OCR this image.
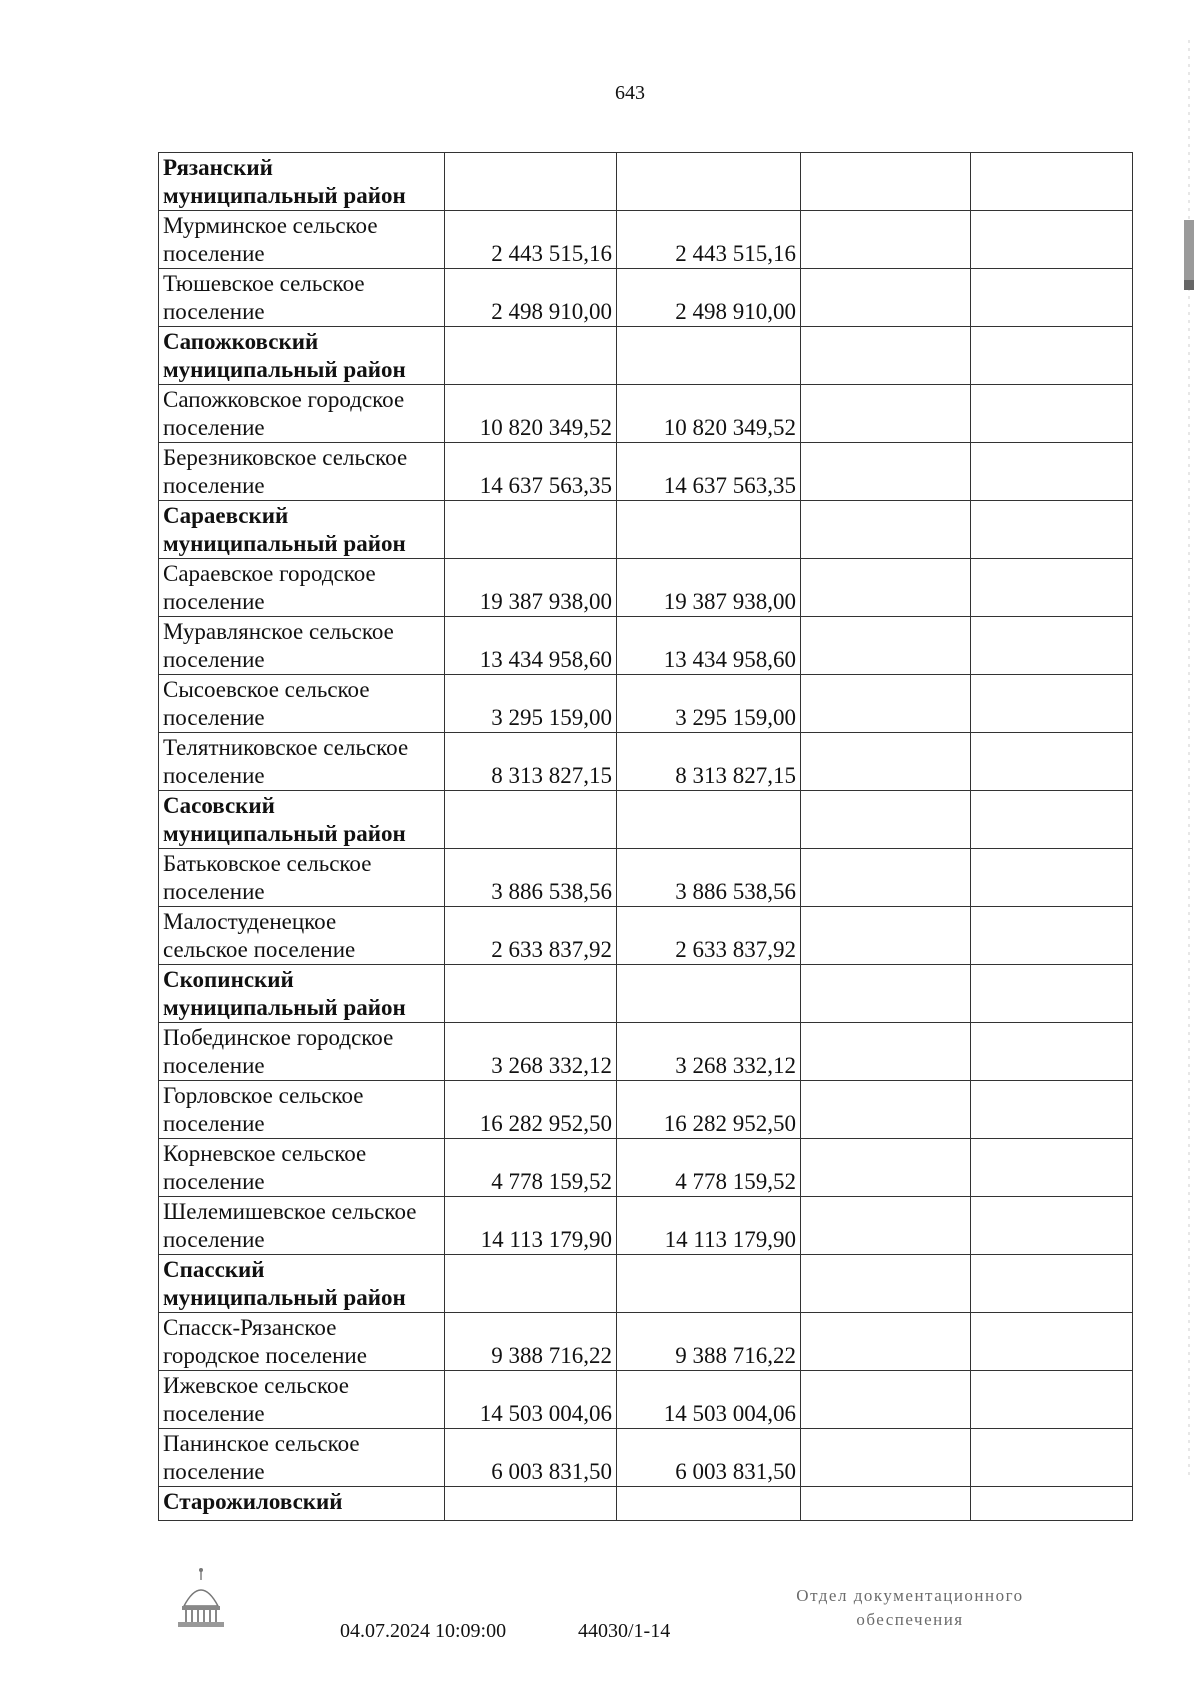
643
Рязанский
муниципальный район				

Мурминское сельское
поселение	2 443 515,16	2 443 515,16		

Тюшевское сельское
поселение	2 498 910,00	2 498 910,00		

Сапожковский
муниципальный район				

Сапожковское городское
поселение	10 820 349,52	10 820 349,52		

Березниковское сельское
поселение	14 637 563,35	14 637 563,35		

Сараевский
муниципальный район				

Сараевское городское
поселение	19 387 938,00	19 387 938,00		

Муравлянское сельское
поселение	13 434 958,60	13 434 958,60		

Сысоевское сельское
поселение	3 295 159,00	3 295 159,00		

Телятниковское сельское
поселение	8 313 827,15	8 313 827,15		

Сасовский
муниципальный район				

Батьковское сельское
поселение	3 886 538,56	3 886 538,56		

Малостуденецкое
сельское поселение	2 633 837,92	2 633 837,92		

Скопинский
муниципальный район				

Побединское городское
поселение	3 268 332,12	3 268 332,12		

Горловское сельское
поселение	16 282 952,50	16 282 952,50		

Корневское сельское
поселение	4 778 159,52	4 778 159,52		

Шелемишевское сельское
поселение	14 113 179,90	14 113 179,90		

Спасский
муниципальный район				

Спасск-Рязанское
городское поселение	9 388 716,22	9 388 716,22		

Ижевское сельское
поселение	14 503 004,06	14 503 004,06		

Панинское сельское
поселение	6 003 831,50	6 003 831,50		

Старожиловский				

04.07.2024 10:09:00	44030/1-14
Отдел документационного
обеспечения
